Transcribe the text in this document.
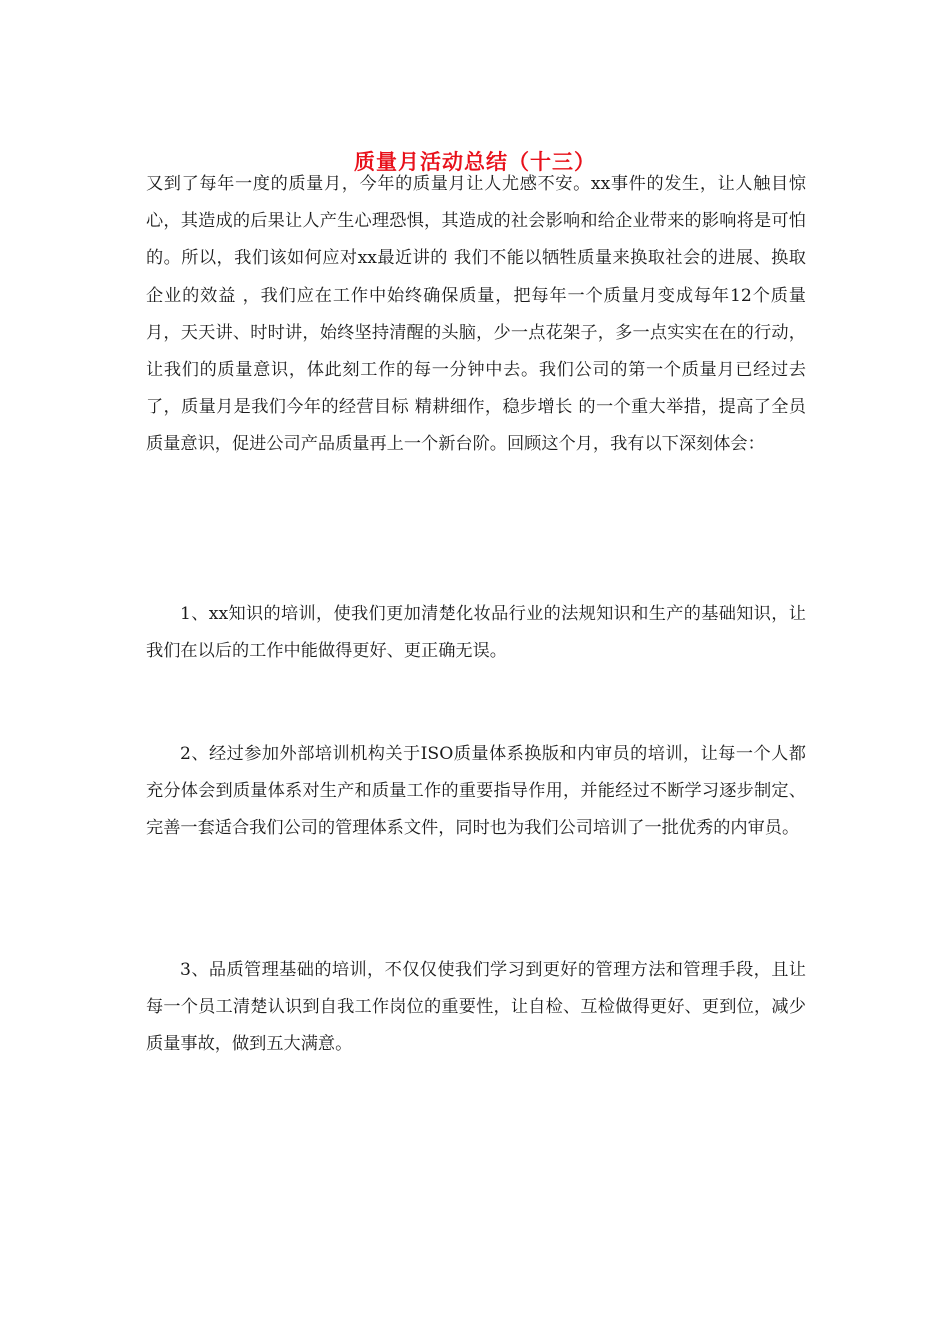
质量月活动总结（十三）

又到了每年一度的质量月，今年的质量月让人尤感不安。xx事件的发生，让人触目惊心，其造成的后果让人产生心理恐惧，其造成的社会影响和给企业带来的影响将是可怕的。所以，我们该如何应对xx最近讲的 我们不能以牺牲质量来换取社会的进展、换取企业的效益 ，我们应在工作中始终确保质量，把每年一个质量月变成每年12个质量月，天天讲、时时讲，始终坚持清醒的头脑，少一点花架子，多一点实实在在的行动，让我们的质量意识，体此刻工作的每一分钟中去。我们公司的第一个质量月已经过去了，质量月是我们今年的经营目标 精耕细作，稳步增长 的一个重大举措，提高了全员质量意识，促进公司产品质量再上一个新台阶。回顾这个月，我有以下深刻体会：

1、xx知识的培训，使我们更加清楚化妆品行业的法规知识和生产的基础知识，让我们在以后的工作中能做得更好、更正确无误。

2、经过参加外部培训机构关于ISO质量体系换版和内审员的培训，让每一个人都充分体会到质量体系对生产和质量工作的重要指导作用，并能经过不断学习逐步制定、完善一套适合我们公司的管理体系文件，同时也为我们公司培训了一批优秀的内审员。

3、品质管理基础的培训，不仅仅使我们学习到更好的管理方法和管理手段，且让每一个员工清楚认识到自我工作岗位的重要性，让自检、互检做得更好、更到位，减少质量事故，做到五大满意。
